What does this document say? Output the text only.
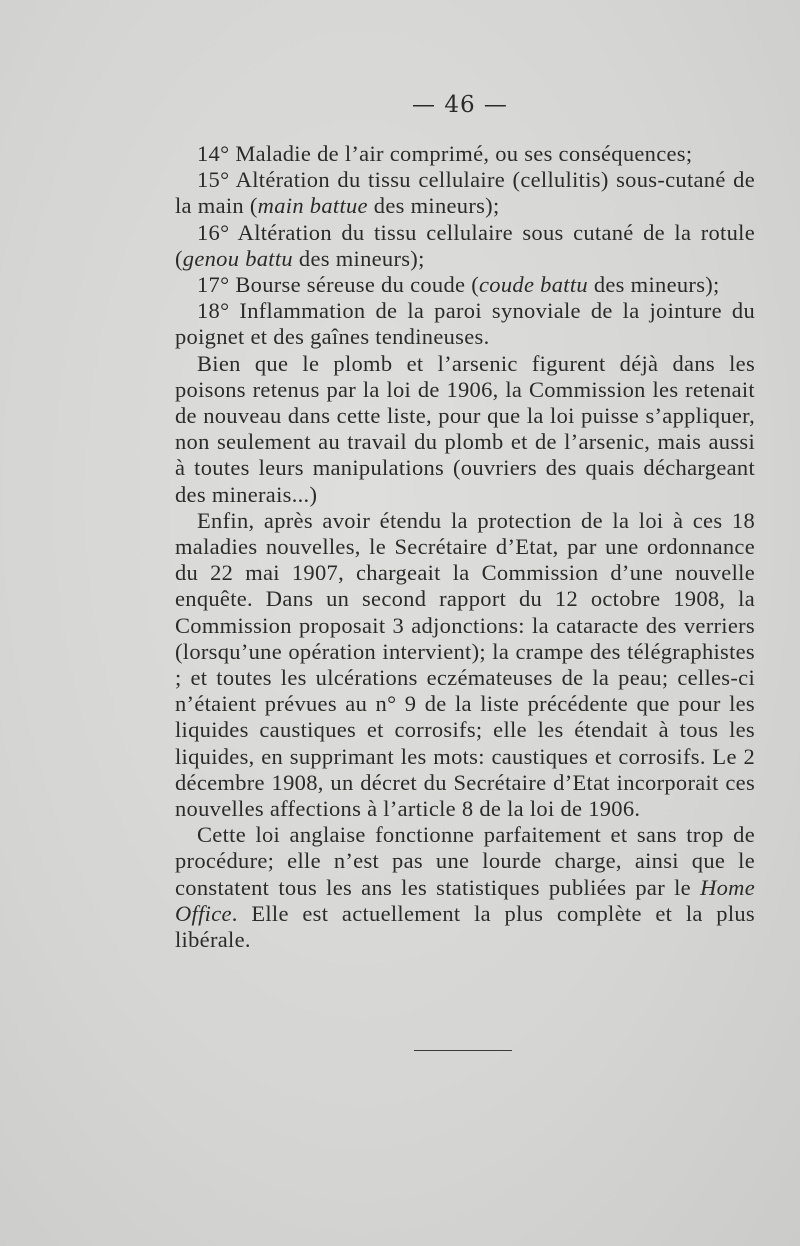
— 46 —

14° Maladie de l’air comprimé, ou ses conséquences;

15° Altération du tissu cellulaire (cellulitis) sous-cutané de la main (main battue des mineurs);

16° Altération du tissu cellulaire sous cutané de la rotule (genou battu des mineurs);

17° Bourse séreuse du coude (coude battu des mineurs);

18° Inflammation de la paroi synoviale de la jointure du poignet et des gaînes tendineuses.

Bien que le plomb et l’arsenic figurent déjà dans les poisons retenus par la loi de 1906, la Commission les retenait de nouveau dans cette liste, pour que la loi puisse s’appliquer, non seulement au travail du plomb et de l’arsenic, mais aussi à toutes leurs manipulations (ouvriers des quais déchargeant des minerais...)

Enfin, après avoir étendu la protection de la loi à ces 18 maladies nouvelles, le Secrétaire d’Etat, par une ordonnance du 22 mai 1907, chargeait la Commission d’une nouvelle enquête. Dans un second rapport du 12 octobre 1908, la Commission proposait 3 adjonctions: la cataracte des verriers (lorsqu’une opération intervient); la crampe des télégraphistes ; et toutes les ulcérations eczémateuses de la peau; celles-ci n’étaient prévues au n° 9 de la liste précédente que pour les liquides caustiques et corrosifs; elle les étendait à tous les liquides, en supprimant les mots: caustiques et corrosifs. Le 2 décembre 1908, un décret du Secrétaire d’Etat incorporait ces nouvelles affections à l’article 8 de la loi de 1906.

Cette loi anglaise fonctionne parfaitement et sans trop de procédure; elle n’est pas une lourde charge, ainsi que le constatent tous les ans les statistiques publiées par le Home Office. Elle est actuellement la plus complète et la plus libérale.
